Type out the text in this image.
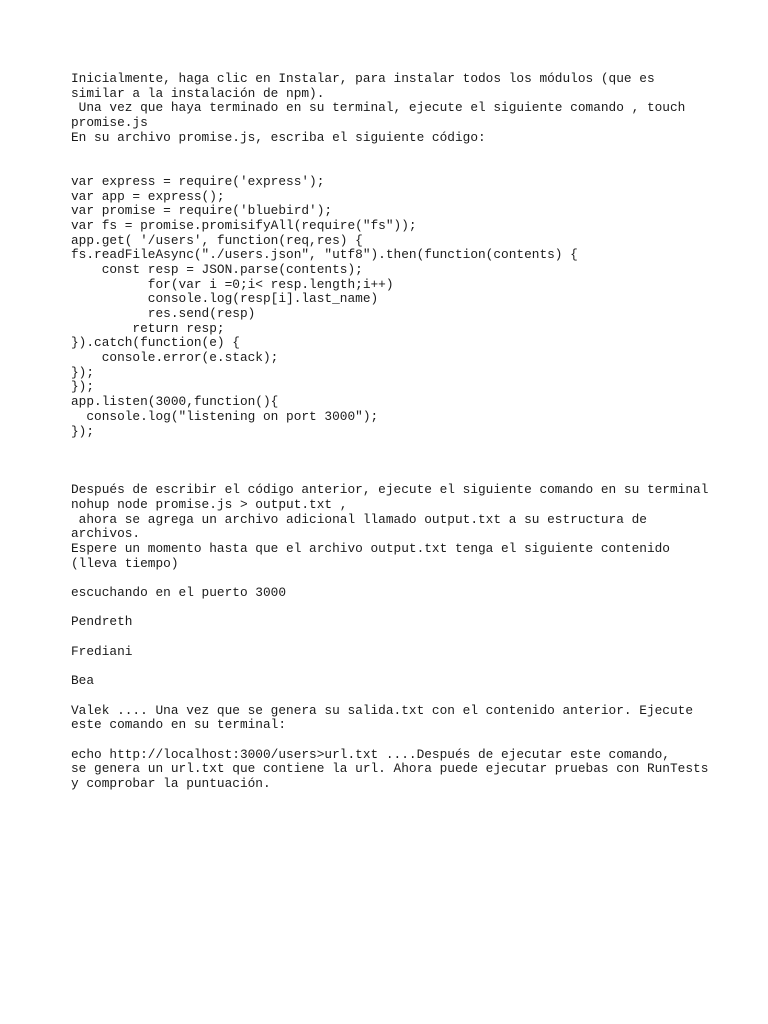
Inicialmente, haga clic en Instalar, para instalar todos los módulos (que es
similar a la instalación de npm).
Una vez que haya terminado en su terminal, ejecute el siguiente comando , touch
promise.js
En su archivo promise.js, escriba el siguiente código:
var express = require('express');
var app = express();
var promise = require('bluebird');
var fs = promise.promisifyAll(require("fs"));
app.get( '/users', function(req,res) {
fs.readFileAsync("./users.json", "utf8").then(function(contents) {
const resp = JSON.parse(contents);
for(var i =0;i< resp.length;i++)
console.log(resp[i].last_name)
res.send(resp)
return resp;
}).catch(function(e) {
console.error(e.stack);
});
});
app.listen(3000,function(){
console.log("listening on port 3000");
});
Después de escribir el código anterior, ejecute el siguiente comando en su terminal
nohup node promise.js > output.txt ,
ahora se agrega un archivo adicional llamado output.txt a su estructura de
archivos.
Espere un momento hasta que el archivo output.txt tenga el siguiente contenido
(lleva tiempo)
escuchando en el puerto 3000
Pendreth
Frediani
Bea
Valek .... Una vez que se genera su salida.txt con el contenido anterior. Ejecute
este comando en su terminal:
echo http://localhost:3000/users>url.txt ....Después de ejecutar este comando,
se genera un url.txt que contiene la url. Ahora puede ejecutar pruebas con RunTests
y comprobar la puntuación.
